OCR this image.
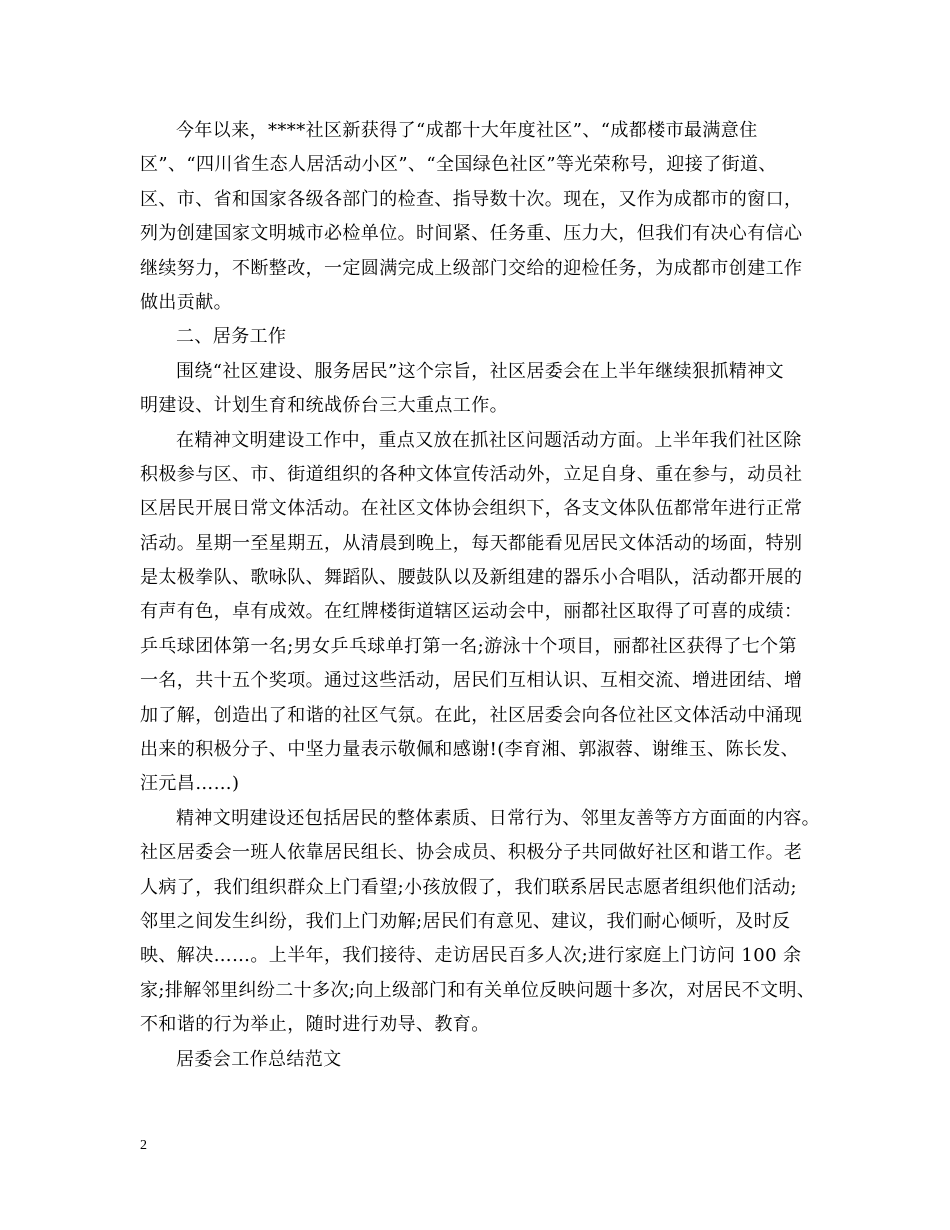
今年以来，****社区新获得了“成都十大年度社区”、“成都楼市最满意住
区”、“四川省生态人居活动小区”、“全国绿色社区”等光荣称号，迎接了街道、
区、市、省和国家各级各部门的检查、指导数十次。现在，又作为成都市的窗口，
列为创建国家文明城市必检单位。时间紧、任务重、压力大，但我们有决心有信心
继续努力，不断整改，一定圆满完成上级部门交给的迎检任务，为成都市创建工作
做出贡献。
二、居务工作
围绕“社区建设、服务居民”这个宗旨，社区居委会在上半年继续狠抓精神文
明建设、计划生育和统战侨台三大重点工作。
在精神文明建设工作中，重点又放在抓社区问题活动方面。上半年我们社区除
积极参与区、市、街道组织的各种文体宣传活动外，立足自身、重在参与，动员社
区居民开展日常文体活动。在社区文体协会组织下，各支文体队伍都常年进行正常
活动。星期一至星期五，从清晨到晚上，每天都能看见居民文体活动的场面，特别
是太极拳队、歌咏队、舞蹈队、腰鼓队以及新组建的器乐小合唱队，活动都开展的
有声有色，卓有成效。在红牌楼街道辖区运动会中，丽都社区取得了可喜的成绩：
乒乓球团体第一名;男女乒乓球单打第一名;游泳十个项目，丽都社区获得了七个第
一名，共十五个奖项。通过这些活动，居民们互相认识、互相交流、增进团结、增
加了解，创造出了和谐的社区气氛。在此，社区居委会向各位社区文体活动中涌现
出来的积极分子、中坚力量表示敬佩和感谢!(李育湘、郭淑蓉、谢维玉、陈长发、
汪元昌……)
精神文明建设还包括居民的整体素质、日常行为、邻里友善等方方面面的内容。
社区居委会一班人依靠居民组长、协会成员、积极分子共同做好社区和谐工作。老
人病了，我们组织群众上门看望;小孩放假了，我们联系居民志愿者组织他们活动;
邻里之间发生纠纷，我们上门劝解;居民们有意见、建议，我们耐心倾听，及时反
映、解决……。上半年，我们接待、走访居民百多人次;进行家庭上门访问 100 余
家;排解邻里纠纷二十多次;向上级部门和有关单位反映问题十多次，对居民不文明、
不和谐的行为举止，随时进行劝导、教育。
居委会工作总结范文
2
